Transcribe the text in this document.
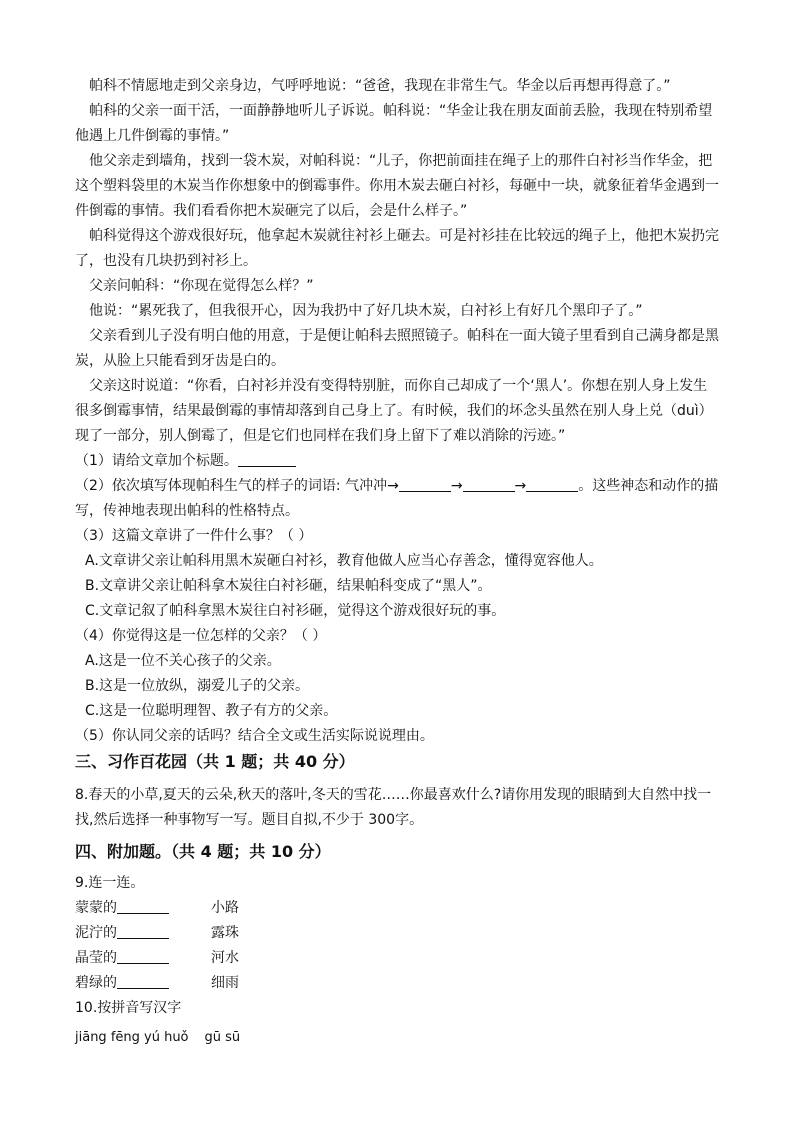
帕科不情愿地走到父亲身边，气呼呼地说：“爸爸，我现在非常生气。华金以后再想再得意了。”

帕科的父亲一面干活，一面静静地听儿子诉说。帕科说：“华金让我在朋友面前丢脸，我现在特别希望他遇上几件倒霉的事情。”

他父亲走到墙角，找到一袋木炭，对帕科说：“儿子，你把前面挂在绳子上的那件白衬衫当作华金，把这个塑料袋里的木炭当作你想象中的倒霉事件。你用木炭去砸白衬衫，每砸中一块，就象征着华金遇到一件倒霉的事情。我们看看你把木炭砸完了以后，会是什么样子。”

帕科觉得这个游戏很好玩，他拿起木炭就往衬衫上砸去。可是衬衫挂在比较远的绳子上，他把木炭扔完了，也没有几块扔到衬衫上。

父亲问帕科：“你现在觉得怎么样？”

他说：“累死我了，但我很开心，因为我扔中了好几块木炭，白衬衫上有好几个黑印子了。”

父亲看到儿子没有明白他的用意，于是便让帕科去照照镜子。帕科在一面大镜子里看到自己满身都是黑炭，从脸上只能看到牙齿是白的。

父亲这时说道：“你看，白衬衫并没有变得特别脏，而你自己却成了一个‘黑人’。你想在别人身上发生很多倒霉事情，结果最倒霉的事情却落到自己身上了。有时候，我们的坏念头虽然在别人身上兑（duì）现了一部分，别人倒霉了，但是它们也同样在我们身上留下了难以消除的污迹。”

（1）请给文章加个标题。

（2）依次填写体现帕科生气的样子的词语: 气冲冲→	→	→	。这些神态和动作的描写，传神地表现出帕科的性格特点。

（3）这篇文章讲了一件什么事？（ ）

A.文章讲父亲让帕科用黑木炭砸白衬衫，教育他做人应当心存善念，懂得宽容他人。

B.文章讲父亲让帕科拿木炭往白衬衫砸，结果帕科变成了“黑人”。

C.文章记叙了帕科拿黑木炭往白衬衫砸，觉得这个游戏很好玩的事。

（4）你觉得这是一位怎样的父亲？（ ）

A.这是一位不关心孩子的父亲。

B.这是一位放纵，溺爱儿子的父亲。

C.这是一位聪明理智、教子有方的父亲。

（5）你认同父亲的话吗？结合全文或生活实际说说理由。

三、习作百花园（共 1 题；共 40 分）

8.春天的小草,夏天的云朵,秋天的落叶,冬天的雪花……你最喜欢什么?请你用发现的眼睛到大自然中找一找,然后选择一种事物写一写。题目自拟,不少于 300字。

四、附加题。（共 4 题；共 10 分）

9.连一连。

蒙蒙的	小路
泥泞的	露珠
晶莹的	河水
碧绿的	细雨

10.按拼音写汉字

jiāng fēng yú huǒ gū sū
